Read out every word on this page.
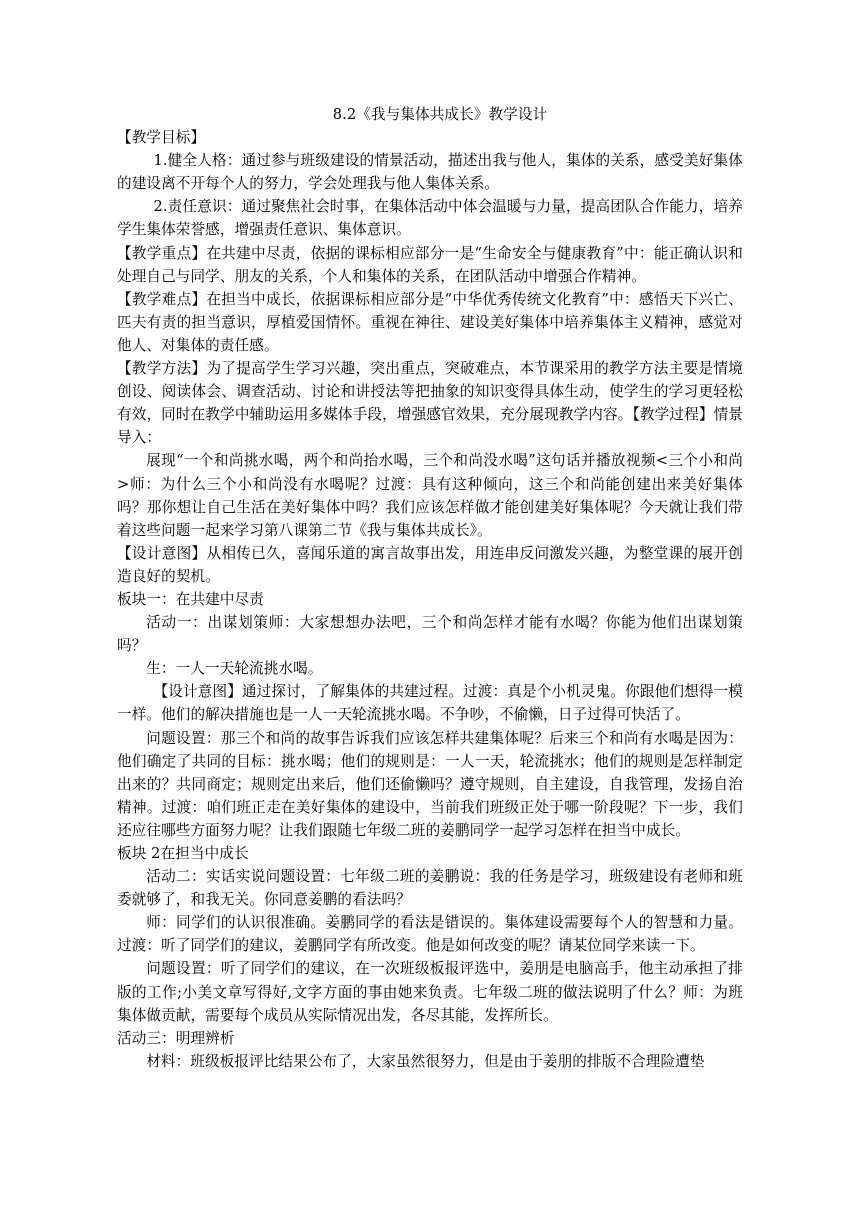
8.2《我与集体共成长》教学设计
【教学目标】
1.健全人格：通过参与班级建设的情景活动，描述出我与他人，集体的关系，感受美好集体的建设离不开每个人的努力，学会处理我与他人集体关系。
2.责任意识：通过聚焦社会时事，在集体活动中体会温暖与力量，提高团队合作能力，培养学生集体荣誉感，增强责任意识、集体意识。
【教学重点】在共建中尽责，依据的课标相应部分一是“生命安全与健康教育”中：能正确认识和处理自己与同学、朋友的关系，个人和集体的关系，在团队活动中增强合作精神。
【教学难点】在担当中成长，依据课标相应部分是“中华优秀传统文化教育”中：感悟天下兴亡、匹夫有责的担当意识，厚植爱国情怀。重视在神往、建设美好集体中培养集体主义精神，感觉对他人、对集体的责任感。
【教学方法】为了提高学生学习兴趣，突出重点，突破难点，本节课采用的教学方法主要是情境创设、阅读体会、调查活动、讨论和讲授法等把抽象的知识变得具体生动，使学生的学习更轻松有效，同时在教学中辅助运用多媒体手段，增强感官效果，充分展现教学内容。【教学过程】情景导入：
展现“一个和尚挑水喝，两个和尚抬水喝，三个和尚没水喝”这句话并播放视频<三个小和尚>师：为什么三个小和尚没有水喝呢？过渡：具有这种倾向，这三个和尚能创建出来美好集体吗？那你想让自己生活在美好集体中吗？我们应该怎样做才能创建美好集体呢？今天就让我们带着这些问题一起来学习第八课第二节《我与集体共成长》。
【设计意图】从相传已久，喜闻乐道的寓言故事出发，用连串反问激发兴趣，为整堂课的展开创造良好的契机。
板块一：在共建中尽责
活动一：出谋划策师：大家想想办法吧，三个和尚怎样才能有水喝？你能为他们出谋划策吗？
生：一人一天轮流挑水喝。
【设计意图】通过探讨，了解集体的共建过程。过渡：真是个小机灵鬼。你跟他们想得一模一样。他们的解决措施也是一人一天轮流挑水喝。不争吵，不偷懒，日子过得可快活了。
问题设置：那三个和尚的故事告诉我们应该怎样共建集体呢？后来三个和尚有水喝是因为：他们确定了共同的目标：挑水喝；他们的规则是：一人一天，轮流挑水；他们的规则是怎样制定出来的？共同商定；规则定出来后，他们还偷懒吗？遵守规则，自主建设，自我管理，发扬自治精神。过渡：咱们班正走在美好集体的建设中，当前我们班级正处于哪一阶段呢？下一步，我们还应往哪些方面努力呢？让我们跟随七年级二班的姜鹏同学一起学习怎样在担当中成长。
板块 2在担当中成长
活动二：实话实说问题设置：七年级二班的姜鹏说：我的任务是学习，班级建设有老师和班委就够了，和我无关。你同意姜鹏的看法吗？
师：同学们的认识很准确。姜鹏同学的看法是错误的。集体建设需要每个人的智慧和力量。过渡：听了同学们的建议，姜鹏同学有所改变。他是如何改变的呢？请某位同学来读一下。
问题设置：听了同学们的建议，在一次班级板报评选中，姜朋是电脑高手，他主动承担了排版的工作;小美文章写得好,文字方面的事由她来负责。七年级二班的做法说明了什么？师：为班集体做贡献，需要每个成员从实际情况出发，各尽其能，发挥所长。
活动三：明理辨析
材料：班级板报评比结果公布了，大家虽然很努力，但是由于姜朋的排版不合理险遭垫
